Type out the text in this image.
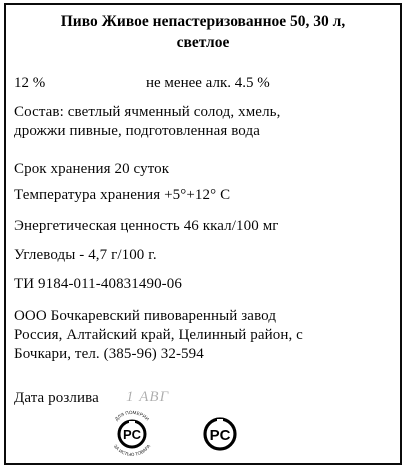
Пиво Живое непастеризованное 50, 30 л,
светлое
12 %	не менее алк. 4.5 %
Состав: светлый ячменный солод, хмель,
дрожжи пивные, подготовленная вода
Срок хранения 20 суток
Температура хранения +5°+12° С
Энергетическая ценность 46 ккал/100 мг
Углеводы - 4,7 г/100 г.
ТИ 9184-011-40831490-06
ООО Бочкаревский пивоваренный завод
Россия, Алтайский край, Целинный район, с
Бочкари, тел. (385-96) 32-594
Дата розлива 1 АВГ
ДЛЯ ПОМЕРИИ
ЗА ИСТЬЮ ТОВАРА
PC	PC
